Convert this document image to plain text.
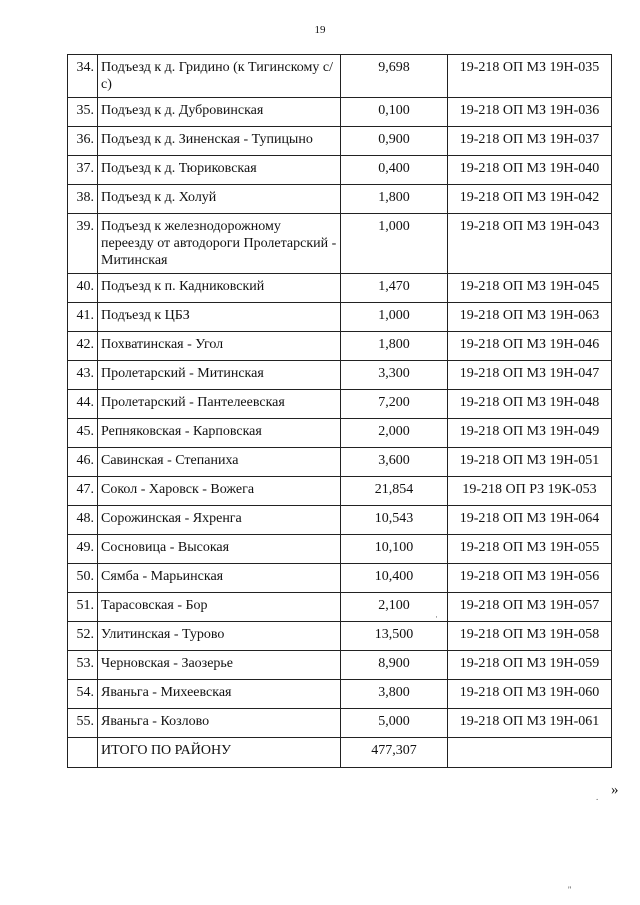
19
34.	Подъезд к д. Гридино (к Тигинскому с/с)	9,698	19-218 ОП МЗ 19Н-035
35.	Подъезд к д. Дубровинская	0,100	19-218 ОП МЗ 19Н-036
36.	Подъезд к д. Зиненская - Тупицыно	0,900	19-218 ОП МЗ 19Н-037
37.	Подъезд к д. Тюриковская	0,400	19-218 ОП МЗ 19Н-040
38.	Подъезд к д. Холуй	1,800	19-218 ОП МЗ 19Н-042
39.	Подъезд к железнодорожному переезду от автодороги Пролетарский - Митинская	1,000	19-218 ОП МЗ 19Н-043
40.	Подъезд к п. Кадниковский	1,470	19-218 ОП МЗ 19Н-045
41.	Подъезд к ЦБЗ	1,000	19-218 ОП МЗ 19Н-063
42.	Похватинская - Угол	1,800	19-218 ОП МЗ 19Н-046
43.	Пролетарский - Митинская	3,300	19-218 ОП МЗ 19Н-047
44.	Пролетарский - Пантелеевская	7,200	19-218 ОП МЗ 19Н-048
45.	Репняковская - Карповская	2,000	19-218 ОП МЗ 19Н-049
46.	Савинская - Степаниха	3,600	19-218 ОП МЗ 19Н-051
47.	Сокол - Харовск - Вожега	21,854	19-218 ОП РЗ 19К-053
48.	Сорожинская - Яхренга	10,543	19-218 ОП МЗ 19Н-064
49.	Сосновица - Высокая	10,100	19-218 ОП МЗ 19Н-055
50.	Сямба - Марьинская	10,400	19-218 ОП МЗ 19Н-056
51.	Тарасовская - Бор	2,100	19-218 ОП МЗ 19Н-057
52.	Улитинская - Турово	13,500	19-218 ОП МЗ 19Н-058
53.	Черновская - Заозерье	8,900	19-218 ОП МЗ 19Н-059
54.	Яваньга - Михеевская	3,800	19-218 ОП МЗ 19Н-060
55.	Яваньга - Козлово	5,000	19-218 ОП МЗ 19Н-061
	ИТОГО ПО РАЙОНУ	477,307	
»
·
.
''
